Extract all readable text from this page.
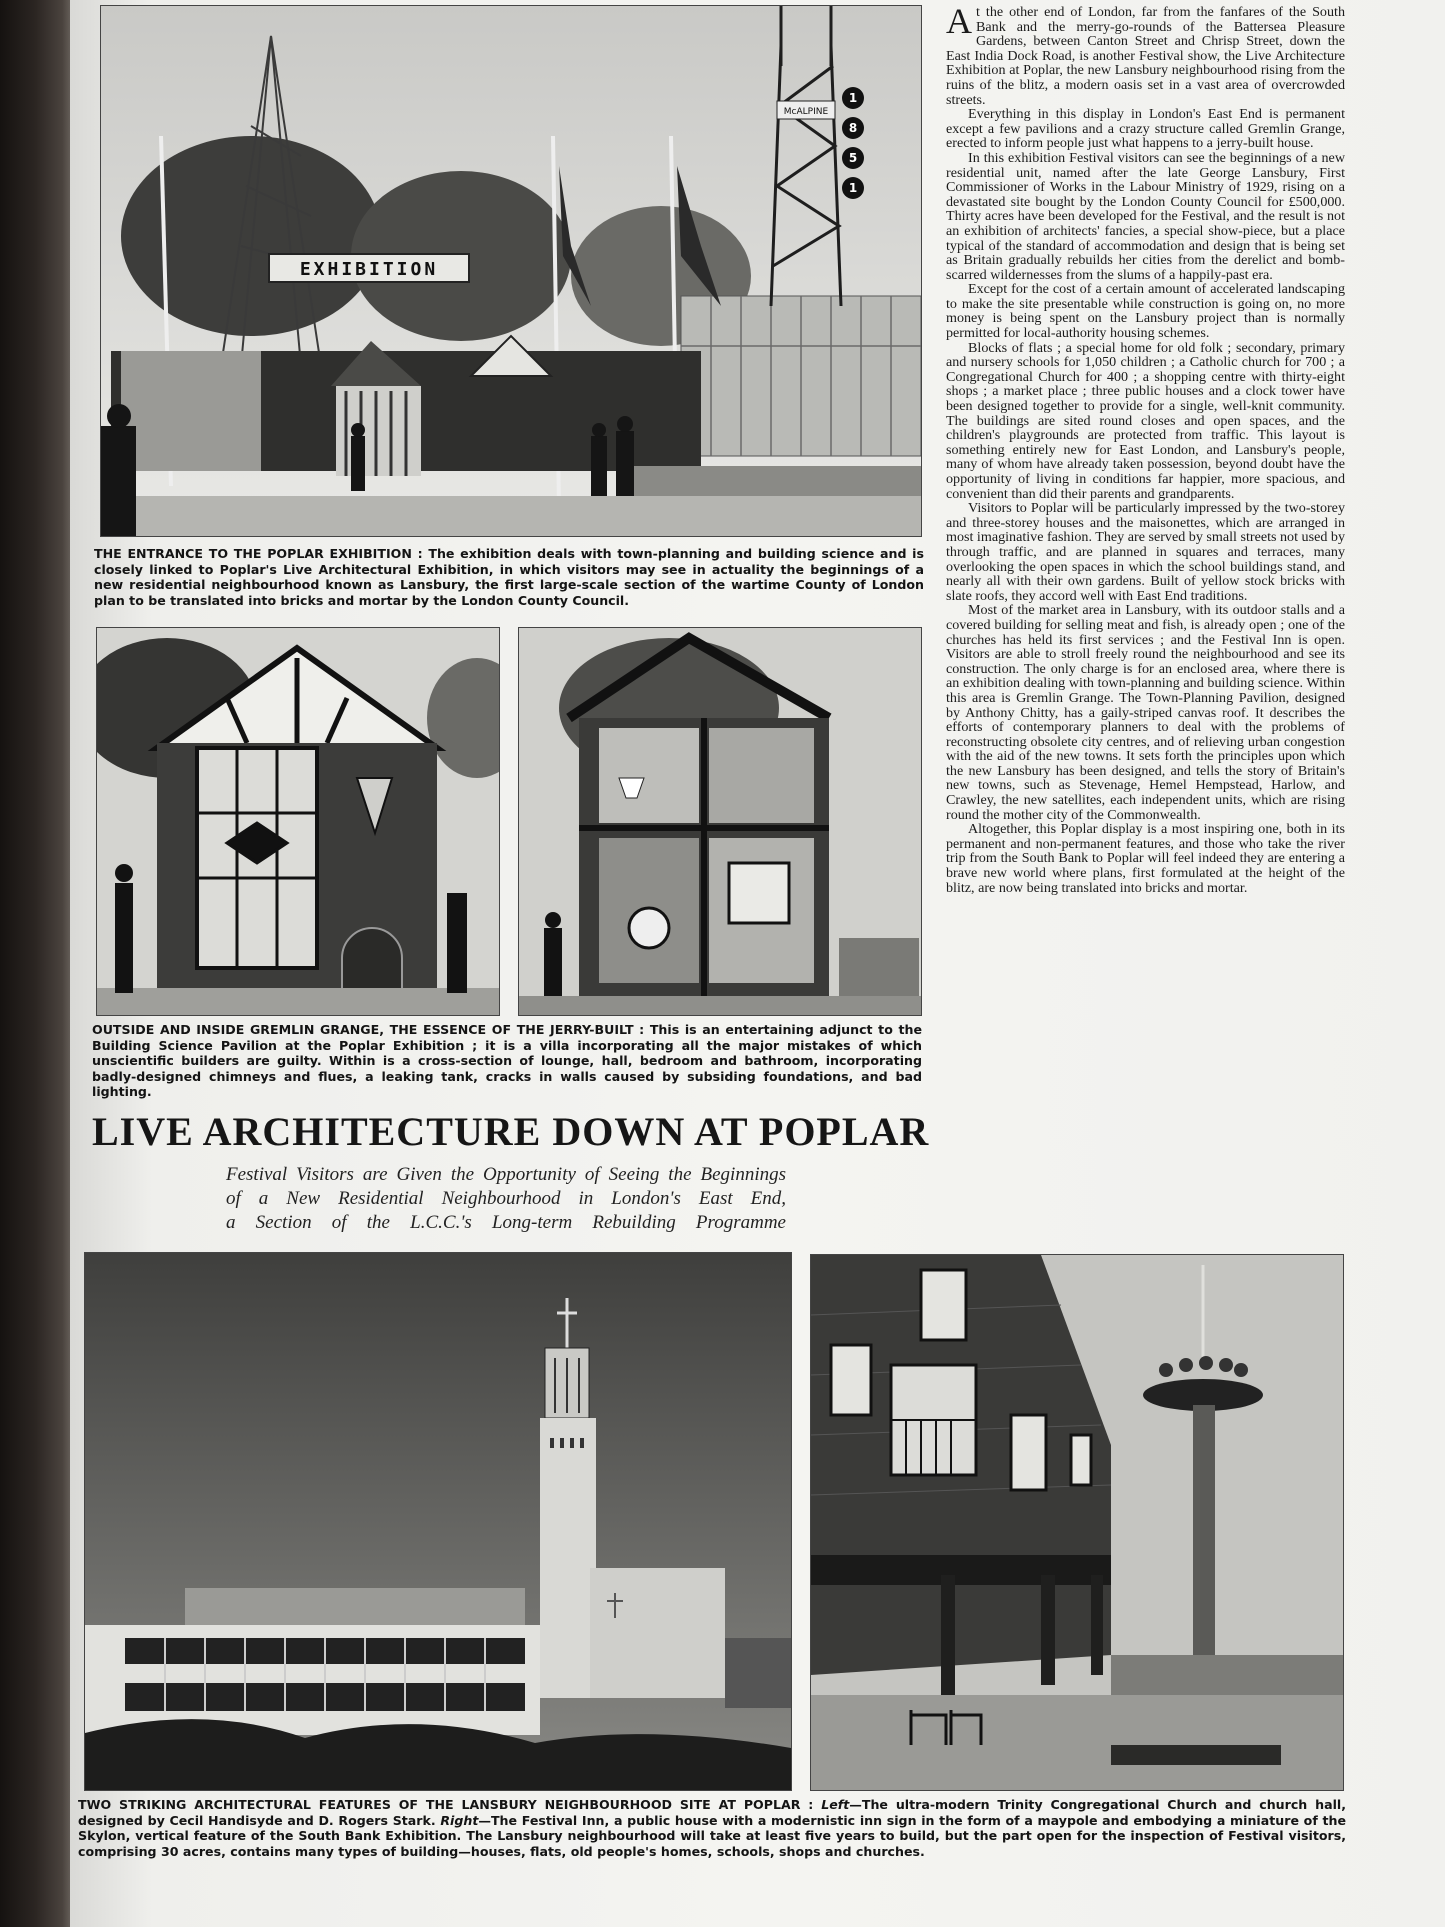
McALPINE
1
8
5
1
EXHIBITION

THE ENTRANCE TO THE POPLAR EXHIBITION : The exhibition deals with town-planning and building science and is closely linked to Poplar's Live Architectural Exhibition, in which visitors may see in actuality the beginnings of a new residential neighbourhood known as Lansbury, the first large-scale section of the wartime County of London plan to be translated into bricks and mortar by the London County Council.

OUTSIDE AND INSIDE GREMLIN GRANGE, THE ESSENCE OF THE JERRY-BUILT : This is an entertaining adjunct to the Building Science Pavilion at the Poplar Exhibition ; it is a villa incorporating all the major mistakes of which unscientific builders are guilty. Within is a cross-section of lounge, hall, bedroom and bathroom, incorporating badly-designed chimneys and flues, a leaking tank, cracks in walls caused by subsiding foundations, and bad lighting.

LIVE ARCHITECTURE DOWN AT POPLAR

Festival Visitors are Given the Opportunity of Seeing the Beginnings
of a New Residential Neighbourhood in London's East End,
a Section of the L.C.C.'s Long-term Rebuilding Programme

At the other end of London, far from the fanfares of the South Bank and the merry-go-rounds of the Battersea Pleasure Gardens, between Canton Street and Chrisp Street, down the East India Dock Road, is another Festival show, the Live Architecture Exhibition at Poplar, the new Lansbury neighbourhood rising from the ruins of the blitz, a modern oasis set in a vast area of overcrowded streets.

Everything in this display in London's East End is permanent except a few pavilions and a crazy structure called Gremlin Grange, erected to inform people just what happens to a jerry-built house.

In this exhibition Festival visitors can see the beginnings of a new residential unit, named after the late George Lansbury, First Commissioner of Works in the Labour Ministry of 1929, rising on a devastated site bought by the London County Council for £500,000. Thirty acres have been developed for the Festival, and the result is not an exhibition of architects' fancies, a special show-piece, but a place typical of the standard of accommodation and design that is being set as Britain gradually rebuilds her cities from the derelict and bomb-scarred wildernesses from the slums of a happily-past era.

Except for the cost of a certain amount of accelerated landscaping to make the site presentable while construction is going on, no more money is being spent on the Lansbury project than is normally permitted for local-authority housing schemes.

Blocks of flats ; a special home for old folk ; secondary, primary and nursery schools for 1,050 children ; a Catholic church for 700 ; a Congregational Church for 400 ; a shopping centre with thirty-eight shops ; a market place ; three public houses and a clock tower have been designed together to provide for a single, well-knit community. The buildings are sited round closes and open spaces, and the children's playgrounds are protected from traffic. This layout is something entirely new for East London, and Lansbury's people, many of whom have already taken possession, beyond doubt have the opportunity of living in conditions far happier, more spacious, and convenient than did their parents and grandparents.

Visitors to Poplar will be particularly impressed by the two-storey and three-storey houses and the maisonettes, which are arranged in most imaginative fashion. They are served by small streets not used by through traffic, and are planned in squares and terraces, many overlooking the open spaces in which the school buildings stand, and nearly all with their own gardens. Built of yellow stock bricks with slate roofs, they accord well with East End traditions.

Most of the market area in Lansbury, with its outdoor stalls and a covered building for selling meat and fish, is already open ; one of the churches has held its first services ; and the Festival Inn is open. Visitors are able to stroll freely round the neighbourhood and see its construction. The only charge is for an enclosed area, where there is an exhibition dealing with town-planning and building science. Within this area is Gremlin Grange. The Town-Planning Pavilion, designed by Anthony Chitty, has a gaily-striped canvas roof. It describes the efforts of contemporary planners to deal with the problems of reconstructing obsolete city centres, and of relieving urban congestion with the aid of the new towns. It sets forth the principles upon which the new Lansbury has been designed, and tells the story of Britain's new towns, such as Stevenage, Hemel Hempstead, Harlow, and Crawley, the new satellites, each independent units, which are rising round the mother city of the Commonwealth.

Altogether, this Poplar display is a most inspiring one, both in its permanent and non-permanent features, and those who take the river trip from the South Bank to Poplar will feel indeed they are entering a brave new world where plans, first formulated at the height of the blitz, are now being translated into bricks and mortar.

TWO STRIKING ARCHITECTURAL FEATURES OF THE LANSBURY NEIGHBOURHOOD SITE AT POPLAR : Left—The ultra-modern Trinity Congregational Church and church hall, designed by Cecil Handisyde and D. Rogers Stark. Right—The Festival Inn, a public house with a modernistic inn sign in the form of a maypole and embodying a miniature of the Skylon, vertical feature of the South Bank Exhibition. The Lansbury neighbourhood will take at least five years to build, but the part open for the inspection of Festival visitors, comprising 30 acres, contains many types of building—houses, flats, old people's homes, schools, shops and churches.
